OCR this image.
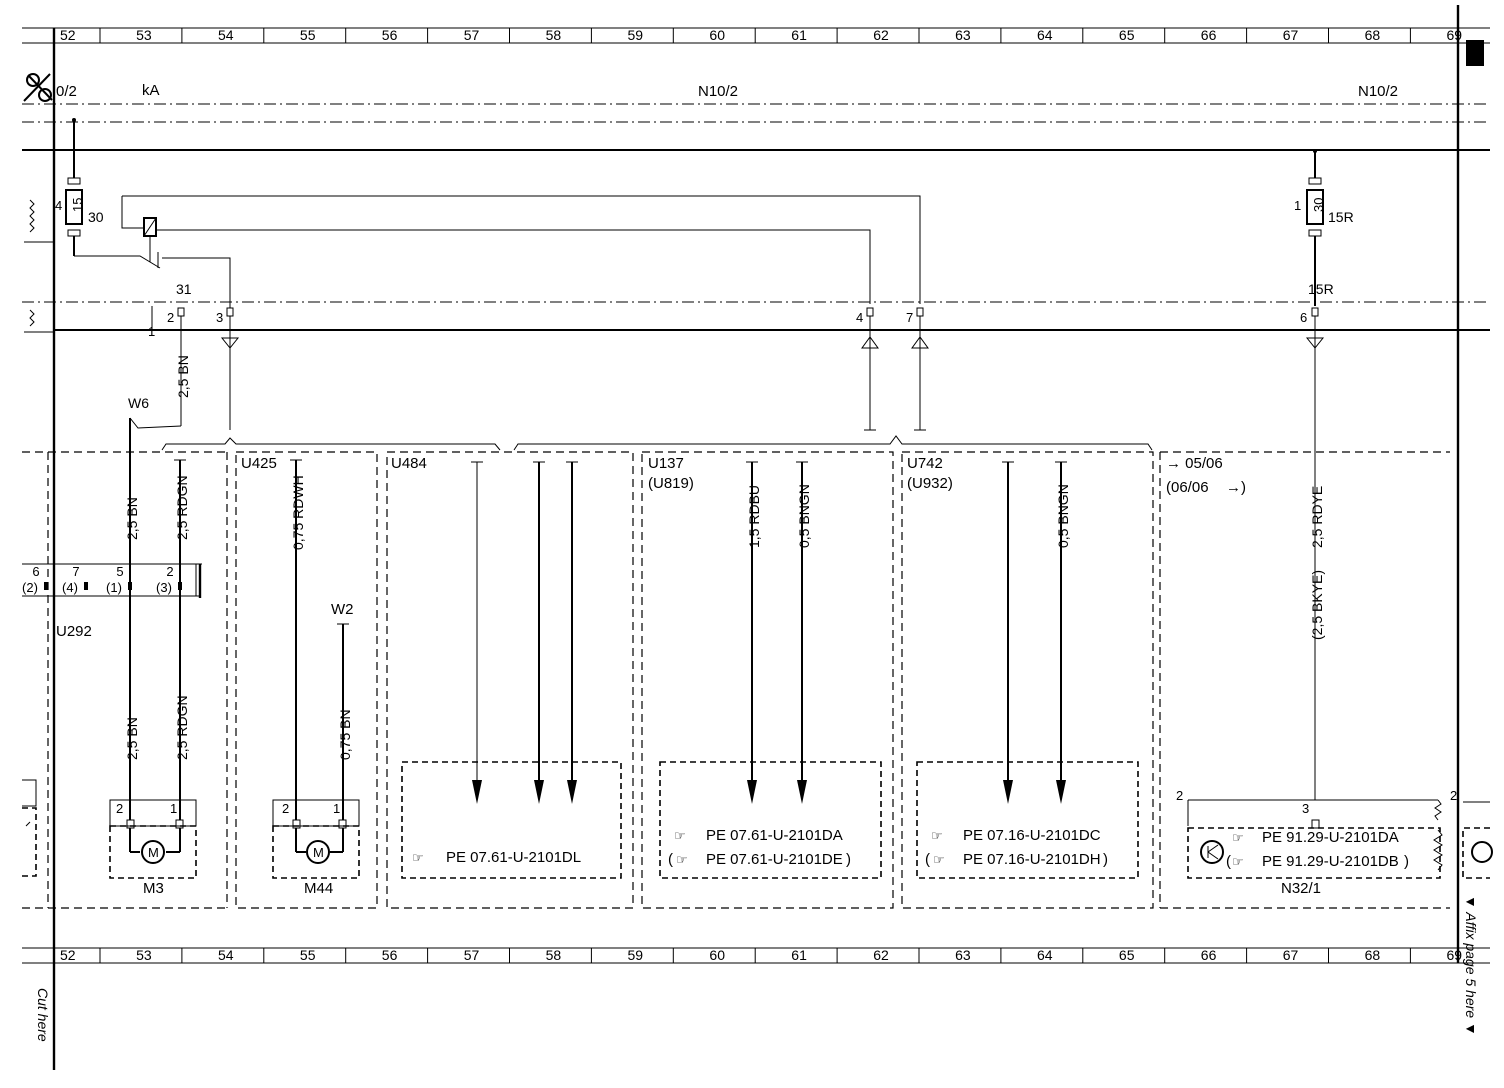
52	53	54	55	56	57	58	59	60	61	62	63	64	65	66	67	68	69
52	53	54	55	56	57	58	59	60	61	62	63	64	65	66	67	68	69
0/2	kA	N10/2	N10/2
4 15
30
1 30
15R
31
1
2	3	4	7
15R
6
2,5 BN
W6
U425	U484	U137
(U819)
U742
(U932)
→ 05/06
(06/06 →)
2,5 BN 2,5 RDGN
6	7	5	2
(2) (4) (1)	(3)
U292
2,5 BN 2,5 RDGN
2	1
M
M3
0,75 RDWH
W2
0,75 BN
2	1
M
M44
☞ PE 07.61-U-2101DL
1,5 RDBU 0,5 BNGN
☞ PE 07.61-U-2101DA
( ☞ PE 07.61-U-2101DE )
0,5 BNGN
☞ PE 07.16-U-2101DC
( ☞ PE 07.16-U-2101DH )
2,5 RDYE
(2,5 BKYE)
2
3
2
☞ PE 91.29-U-2101DA
( ☞ PE 91.29-U-2101DB )
N32/1
Cut here	▼ Affix page 5 here ▼
